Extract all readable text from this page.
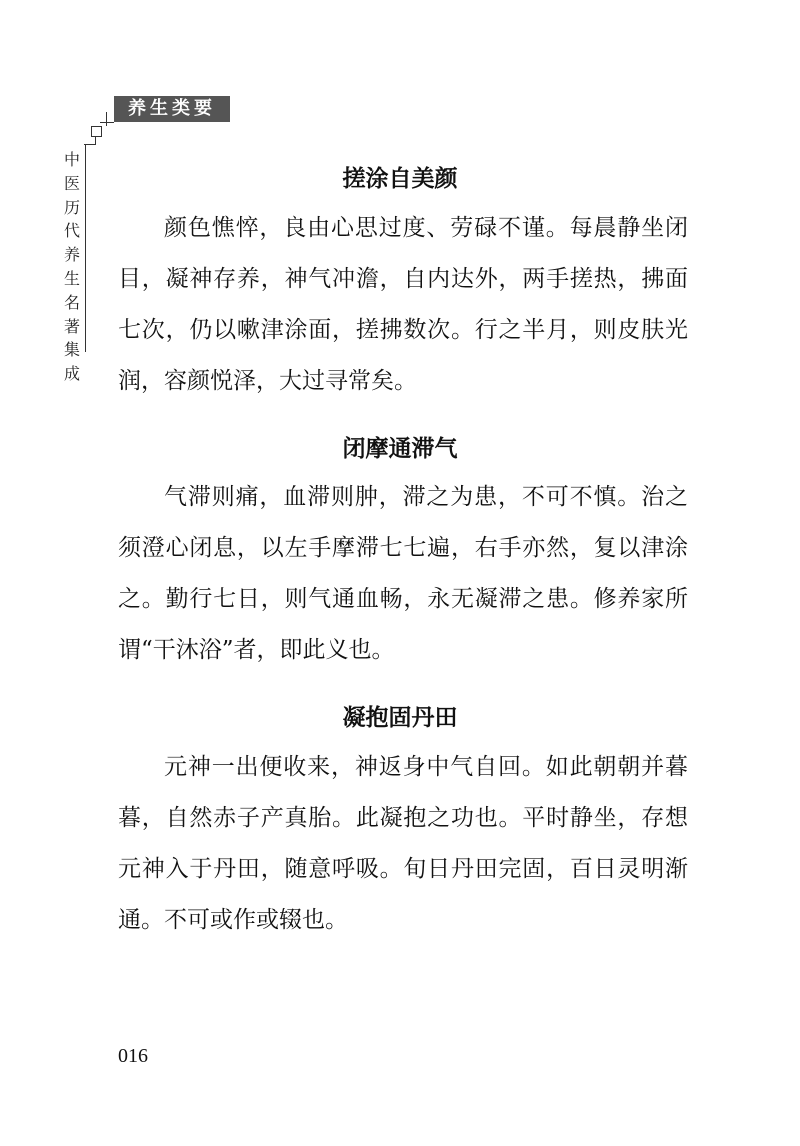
养生类要
中医历代养生名著集成
搓涂自美颜
颜色憔悴，良由心思过度、劳碌不谨。每晨静坐闭目，凝神存养，神气冲澹，自内达外，两手搓热，拂面七次，仍以嗽津涂面，搓拂数次。行之半月，则皮肤光润，容颜悦泽，大过寻常矣。
闭摩通滞气
气滞则痛，血滞则肿，滞之为患，不可不慎。治之须澄心闭息，以左手摩滞七七遍，右手亦然，复以津涂之。勤行七日，则气通血畅，永无凝滞之患。修养家所谓“干沐浴”者，即此义也。
凝抱固丹田
元神一出便收来，神返身中气自回。如此朝朝并暮暮，自然赤子产真胎。此凝抱之功也。平时静坐，存想元神入于丹田，随意呼吸。旬日丹田完固，百日灵明渐通。不可或作或辍也。
016
